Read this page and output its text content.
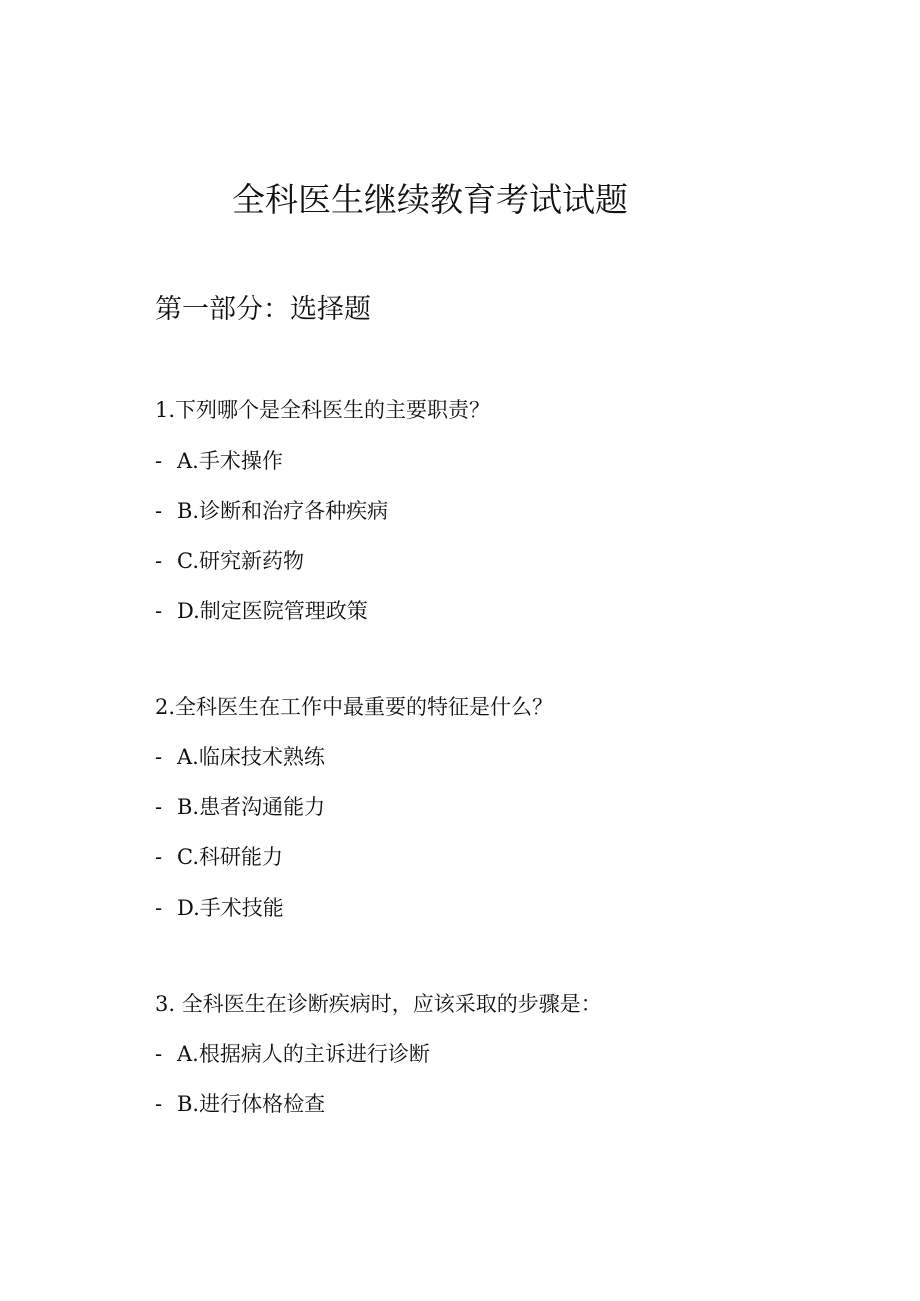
全科医生继续教育考试试题
第一部分：选择题
1.下列哪个是全科医生的主要职责？
- A.手术操作
- B.诊断和治疗各种疾病
- C.研究新药物
- D.制定医院管理政策
2.全科医生在工作中最重要的特征是什么？
- A.临床技术熟练
- B.患者沟通能力
- C.科研能力
- D.手术技能
3. 全科医生在诊断疾病时，应该采取的步骤是：
- A.根据病人的主诉进行诊断
- B.进行体格检查
